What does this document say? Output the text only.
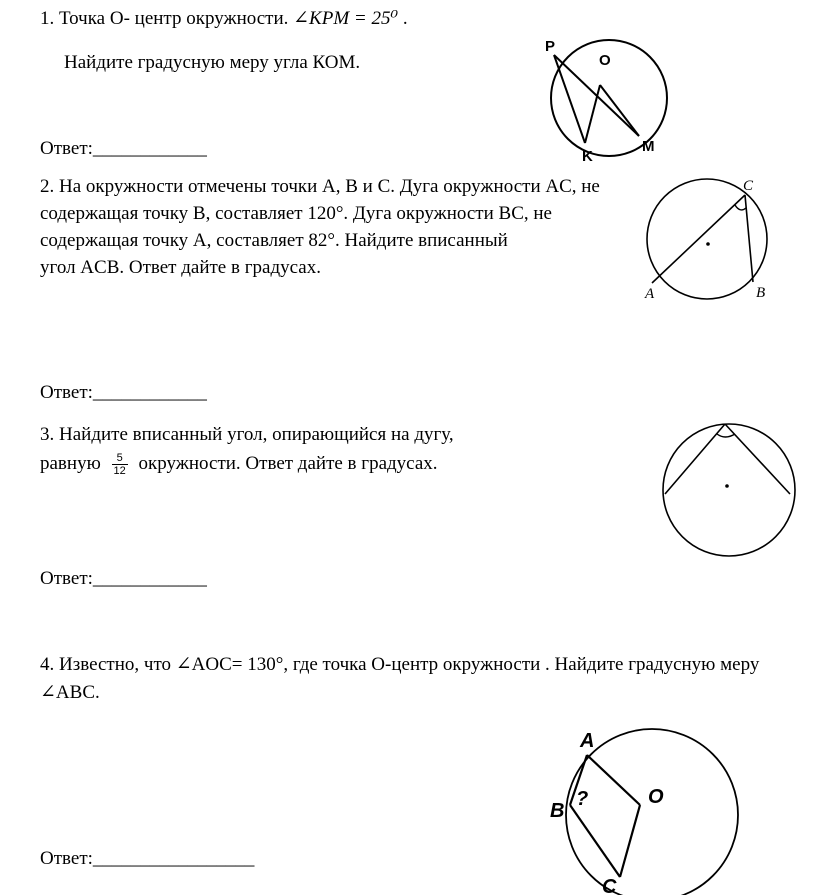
1. Точка О- центр окружности. ∠KPM = 25⁰ .
Найдите градусную меру угла КОМ.
Ответ:____________
P
O
K
M
2. На окружности отмечены точки A, B и C. Дуга окружности AC, не
содержащая точку B, составляет 120°. Дуга окружности BC, не
содержащая точку A, составляет 82°. Найдите вписанный
угол ACB. Ответ дайте в градусах.
Ответ:____________
A	B
C
3. Найдите вписанный угол, опирающийся на дугу,
равную $\frac{5}{12}$ окружности. Ответ дайте в градусах.
Ответ:____________
4. Известно, что ∠AOC= 130°, где точка O-центр окружности . Найдите градусную меру
∠ABC.
Ответ:_________________
A
B
?	O
C
